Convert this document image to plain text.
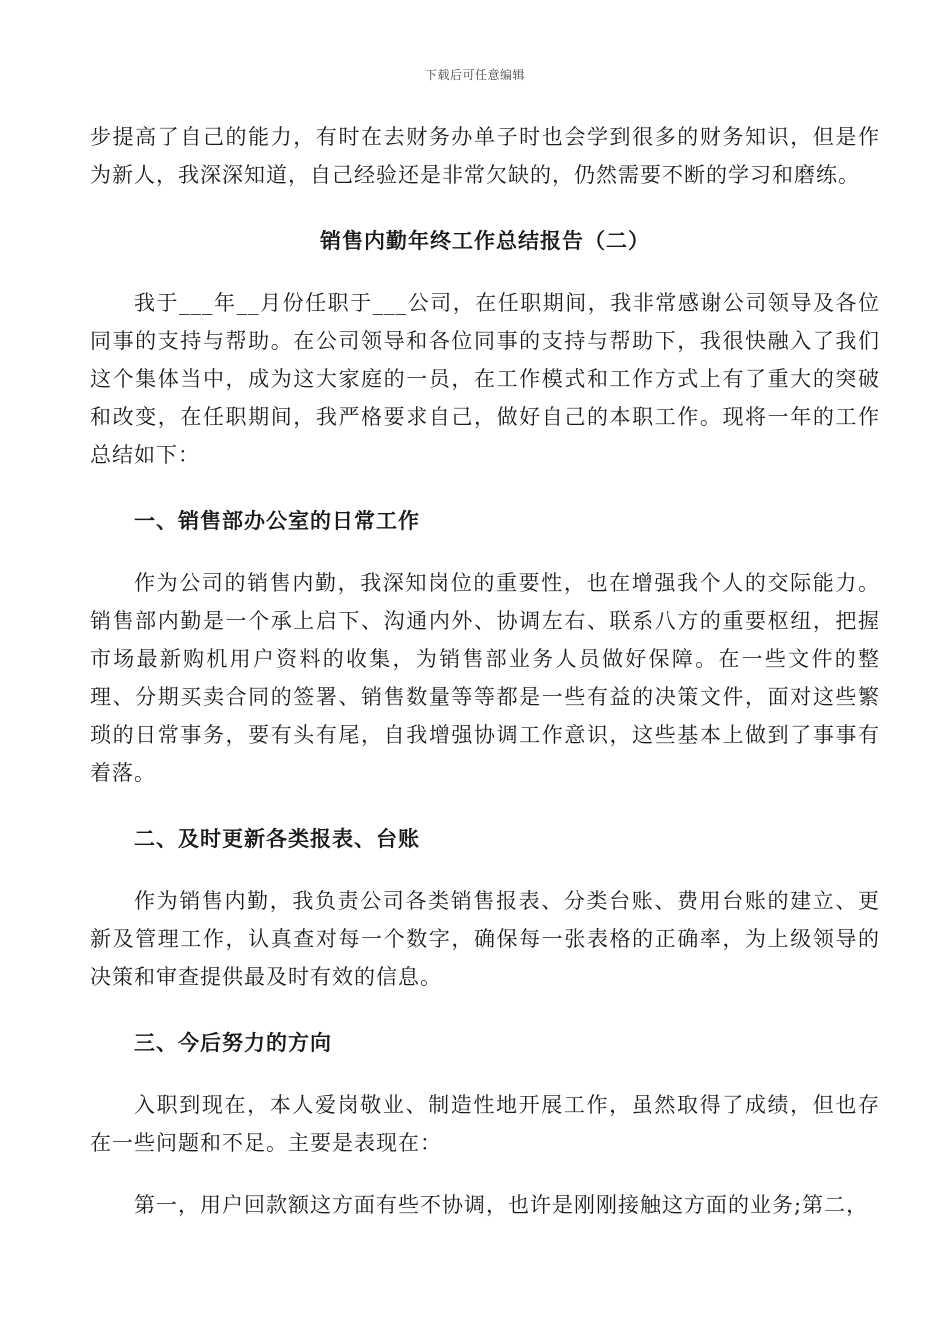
下载后可任意编辑

步提高了自己的能力，有时在去财务办单子时也会学到很多的财务知识，但是作为新人，我深深知道，自己经验还是非常欠缺的，仍然需要不断的学习和磨练。

销售内勤年终工作总结报告（二）

我于___年__月份任职于___公司，在任职期间，我非常感谢公司领导及各位同事的支持与帮助。在公司领导和各位同事的支持与帮助下，我很快融入了我们这个集体当中，成为这大家庭的一员，在工作模式和工作方式上有了重大的突破和改变，在任职期间，我严格要求自己，做好自己的本职工作。现将一年的工作总结如下：

一、销售部办公室的日常工作

作为公司的销售内勤，我深知岗位的重要性，也在增强我个人的交际能力。销售部内勤是一个承上启下、沟通内外、协调左右、联系八方的重要枢纽，把握市场最新购机用户资料的收集，为销售部业务人员做好保障。在一些文件的整理、分期买卖合同的签署、销售数量等等都是一些有益的决策文件，面对这些繁琐的日常事务，要有头有尾，自我增强协调工作意识，这些基本上做到了事事有着落。

二、及时更新各类报表、台账

作为销售内勤，我负责公司各类销售报表、分类台账、费用台账的建立、更新及管理工作，认真查对每一个数字，确保每一张表格的正确率，为上级领导的决策和审查提供最及时有效的信息。

三、今后努力的方向

入职到现在，本人爱岗敬业、制造性地开展工作，虽然取得了成绩，但也存在一些问题和不足。主要是表现在：

第一，用户回款额这方面有些不协调，也许是刚刚接触这方面的业务;第二，
